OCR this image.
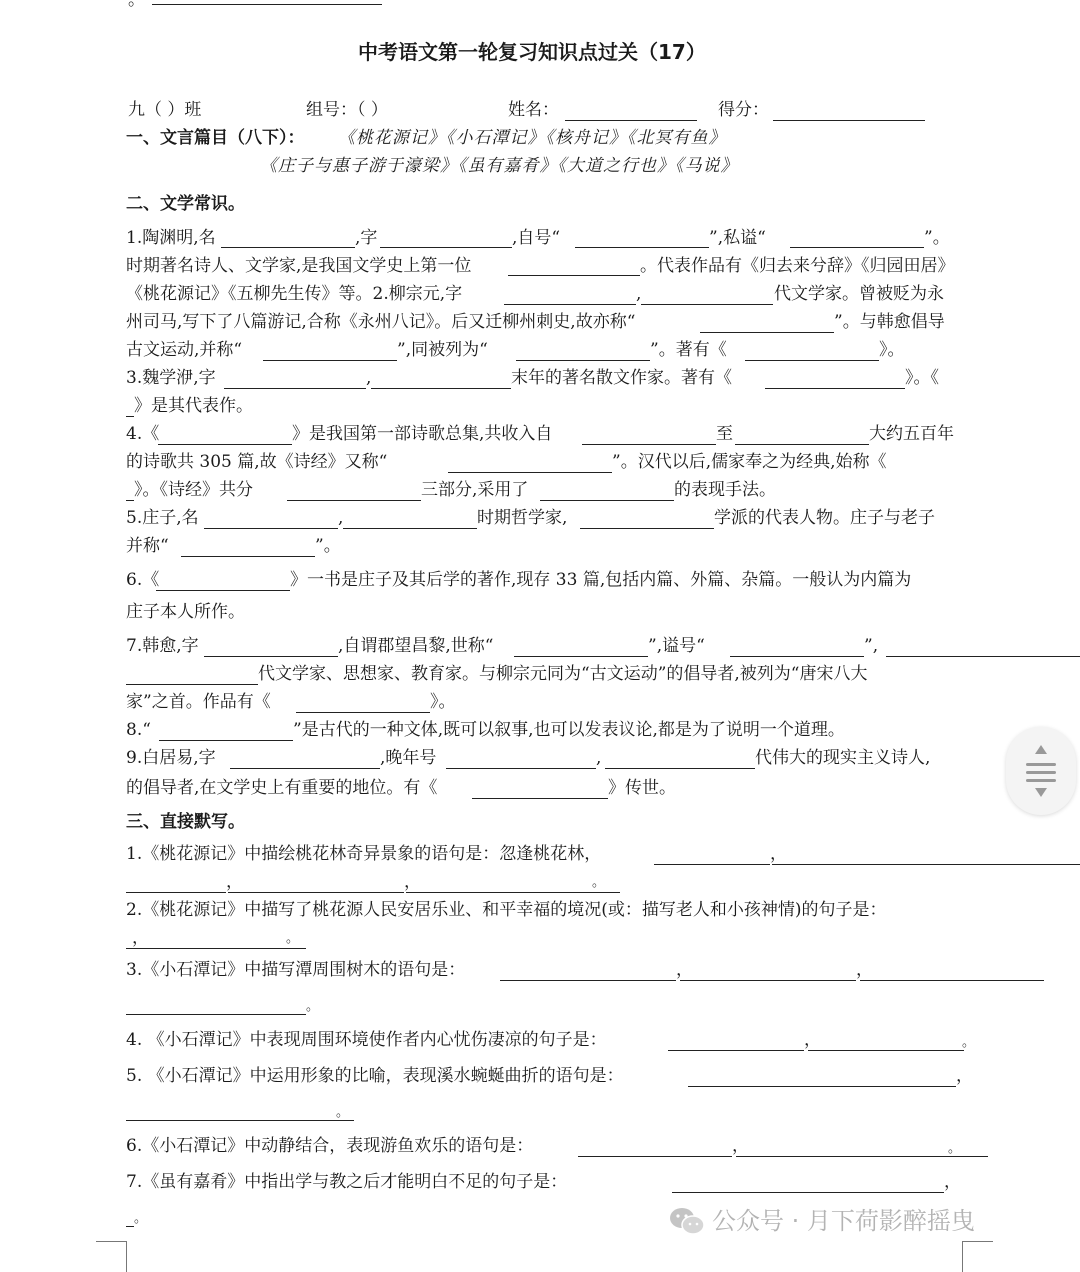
。
中考语文第一轮复习知识点过关（17）
九（ ）班	组号：（ ）	姓名：	得分：
一、文言篇目（八下）： 《桃花源记》《小石潭记》《核舟记》《北冥有鱼》
《庄子与惠子游于濠梁》《虽有嘉肴》《大道之行也》《马说》
二、文学常识。
1.陶渊明,名	,字	,自号“	”,私谥“	”。
时期著名诗人、文学家,是我国文学史上第一位	。代表作品有《归去来兮辞》《归园田居》
《桃花源记》《五柳先生传》等。2.柳宗元,字	,	代文学家。曾被贬为永
州司马,写下了八篇游记,合称《永州八记》。后又迁柳州刺史,故亦称“	”。与韩愈倡导
古文运动,并称“	”,同被列为“	”。著有《	》。
3.魏学洢,字	,	末年的著名散文作家。著有《	》。《
》是其代表作。
4.《	》是我国第一部诗歌总集,共收入自	至	大约五百年
的诗歌共 305 篇,故《诗经》又称“	”。汉代以后,儒家奉之为经典,始称《
》。《诗经》共分	三部分,采用了	的表现手法。
5.庄子,名	,	时期哲学家,	学派的代表人物。庄子与老子
并称“	”。
6.《	》一书是庄子及其后学的著作,现存 33 篇,包括内篇、外篇、杂篇。一般认为内篇为
庄子本人所作。
7.韩愈,字	,自谓郡望昌黎,世称“	”,谥号“	”,
代文学家、思想家、教育家。与柳宗元同为“古文运动”的倡导者,被列为“唐宋八大
家”之首。作品有《	》。
8.“	”是古代的一种文体,既可以叙事,也可以发表议论,都是为了说明一个道理。
9.白居易,字	,晚年号	,	代伟大的现实主义诗人,
的倡导者,在文学史上有重要的地位。有《	》传世。
三、直接默写。
1.《桃花源记》中描绘桃花林奇异景象的语句是：忽逢桃花林，	，
，	，	。
2.《桃花源记》中描写了桃花源人民安居乐业、和平幸福的境况(或：描写老人和小孩神情)的句子是：
，	。
3.《小石潭记》中描写潭周围树木的语句是：	，	，
。
4. 《小石潭记》中表现周围环境使作者内心忧伤凄凉的句子是：	，	。
5. 《小石潭记》中运用形象的比喻，表现溪水蜿蜒曲折的语句是：	，
。
6.《小石潭记》中动静结合，表现游鱼欢乐的语句是：	，	。
7.《虽有嘉肴》中指出学与教之后才能明白不足的句子是：	，
。	公众号 · 月下荷影醉摇曳
